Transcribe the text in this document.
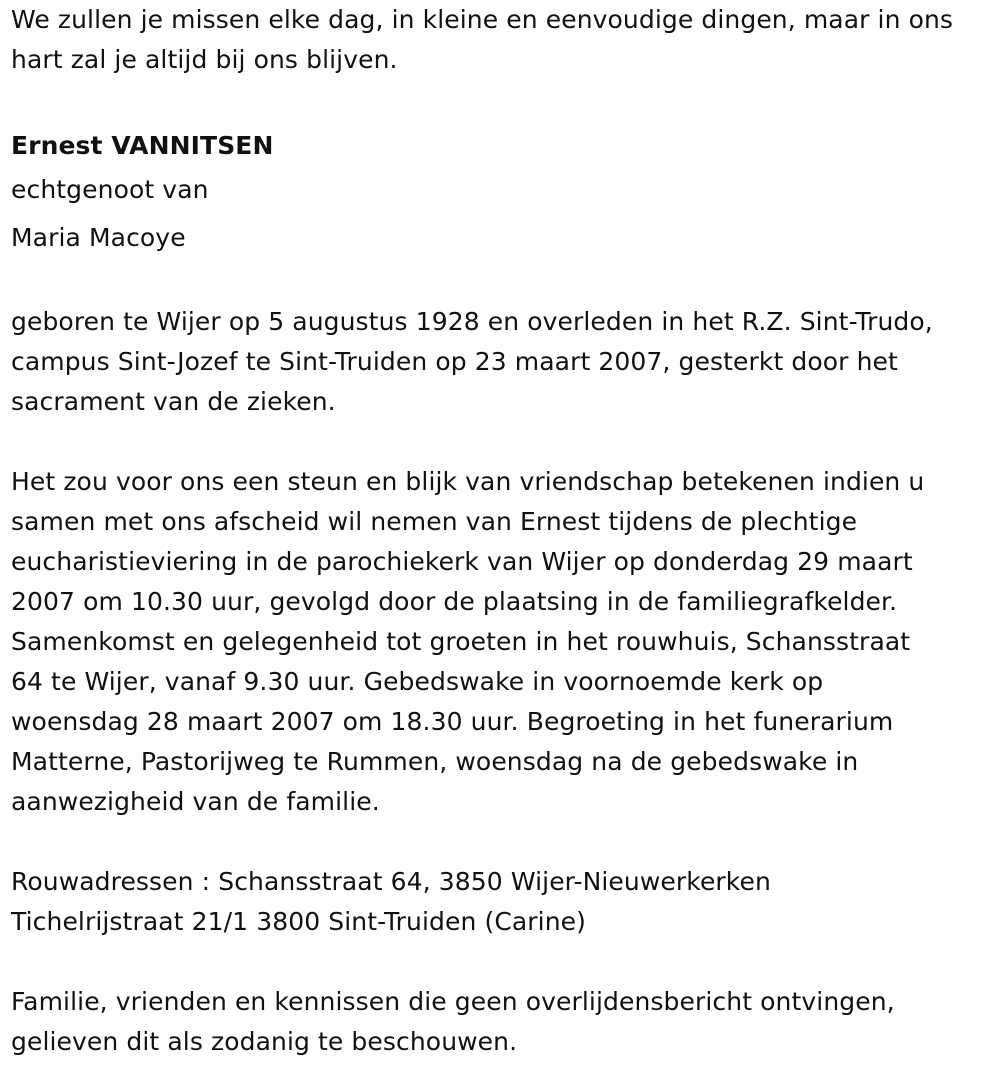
We zullen je missen elke dag, in kleine en eenvoudige dingen, maar in ons
hart zal je altijd bij ons blijven.
Ernest VANNITSEN
echtgenoot van
Maria Macoye
geboren te Wijer op 5 augustus 1928 en overleden in het R.Z. Sint-Trudo,
campus Sint-Jozef te Sint-Truiden op 23 maart 2007, gesterkt door het
sacrament van de zieken.
Het zou voor ons een steun en blijk van vriendschap betekenen indien u
samen met ons afscheid wil nemen van Ernest tijdens de plechtige
eucharistieviering in de parochiekerk van Wijer op donderdag 29 maart
2007 om 10.30 uur, gevolgd door de plaatsing in de familiegrafkelder.
Samenkomst en gelegenheid tot groeten in het rouwhuis, Schansstraat
64 te Wijer, vanaf 9.30 uur. Gebedswake in voornoemde kerk op
woensdag 28 maart 2007 om 18.30 uur. Begroeting in het funerarium
Matterne, Pastorijweg te Rummen, woensdag na de gebedswake in
aanwezigheid van de familie.
Rouwadressen : Schansstraat 64, 3850 Wijer-Nieuwerkerken
Tichelrijstraat 21/1 3800 Sint-Truiden (Carine)
Familie, vrienden en kennissen die geen overlijdensbericht ontvingen,
gelieven dit als zodanig te beschouwen.
